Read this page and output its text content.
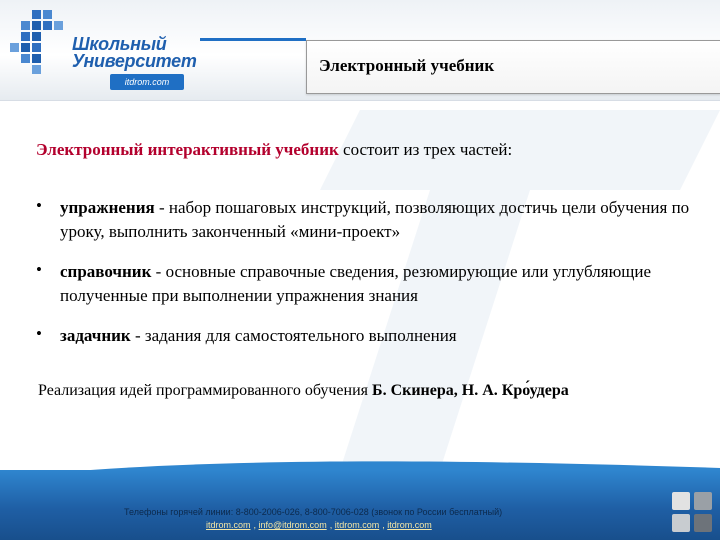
Школьный
Университет
itdrom.com
Электронный учебник
Электронный интерактивный учебник состоит из трех частей:
• упражнения - набор пошаговых инструкций, позволяющих достичь цели обучения по уроку, выполнить законченный «мини-проект»
• справочник - основные справочные сведения, резюмирующие или углубляющие полученные при выполнении упражнения знания
• задачник - задания для самостоятельного выполнения
Реализация идей программированного обучения Б. Скинера, Н. А. Кроудера
Телефоны горячей линии: 8-800-2006-026, 8-800-7006-028 (звонок по России бесплатный)
itdrom.com , info@itdrom.com , itdrom.com , itdrom.com
